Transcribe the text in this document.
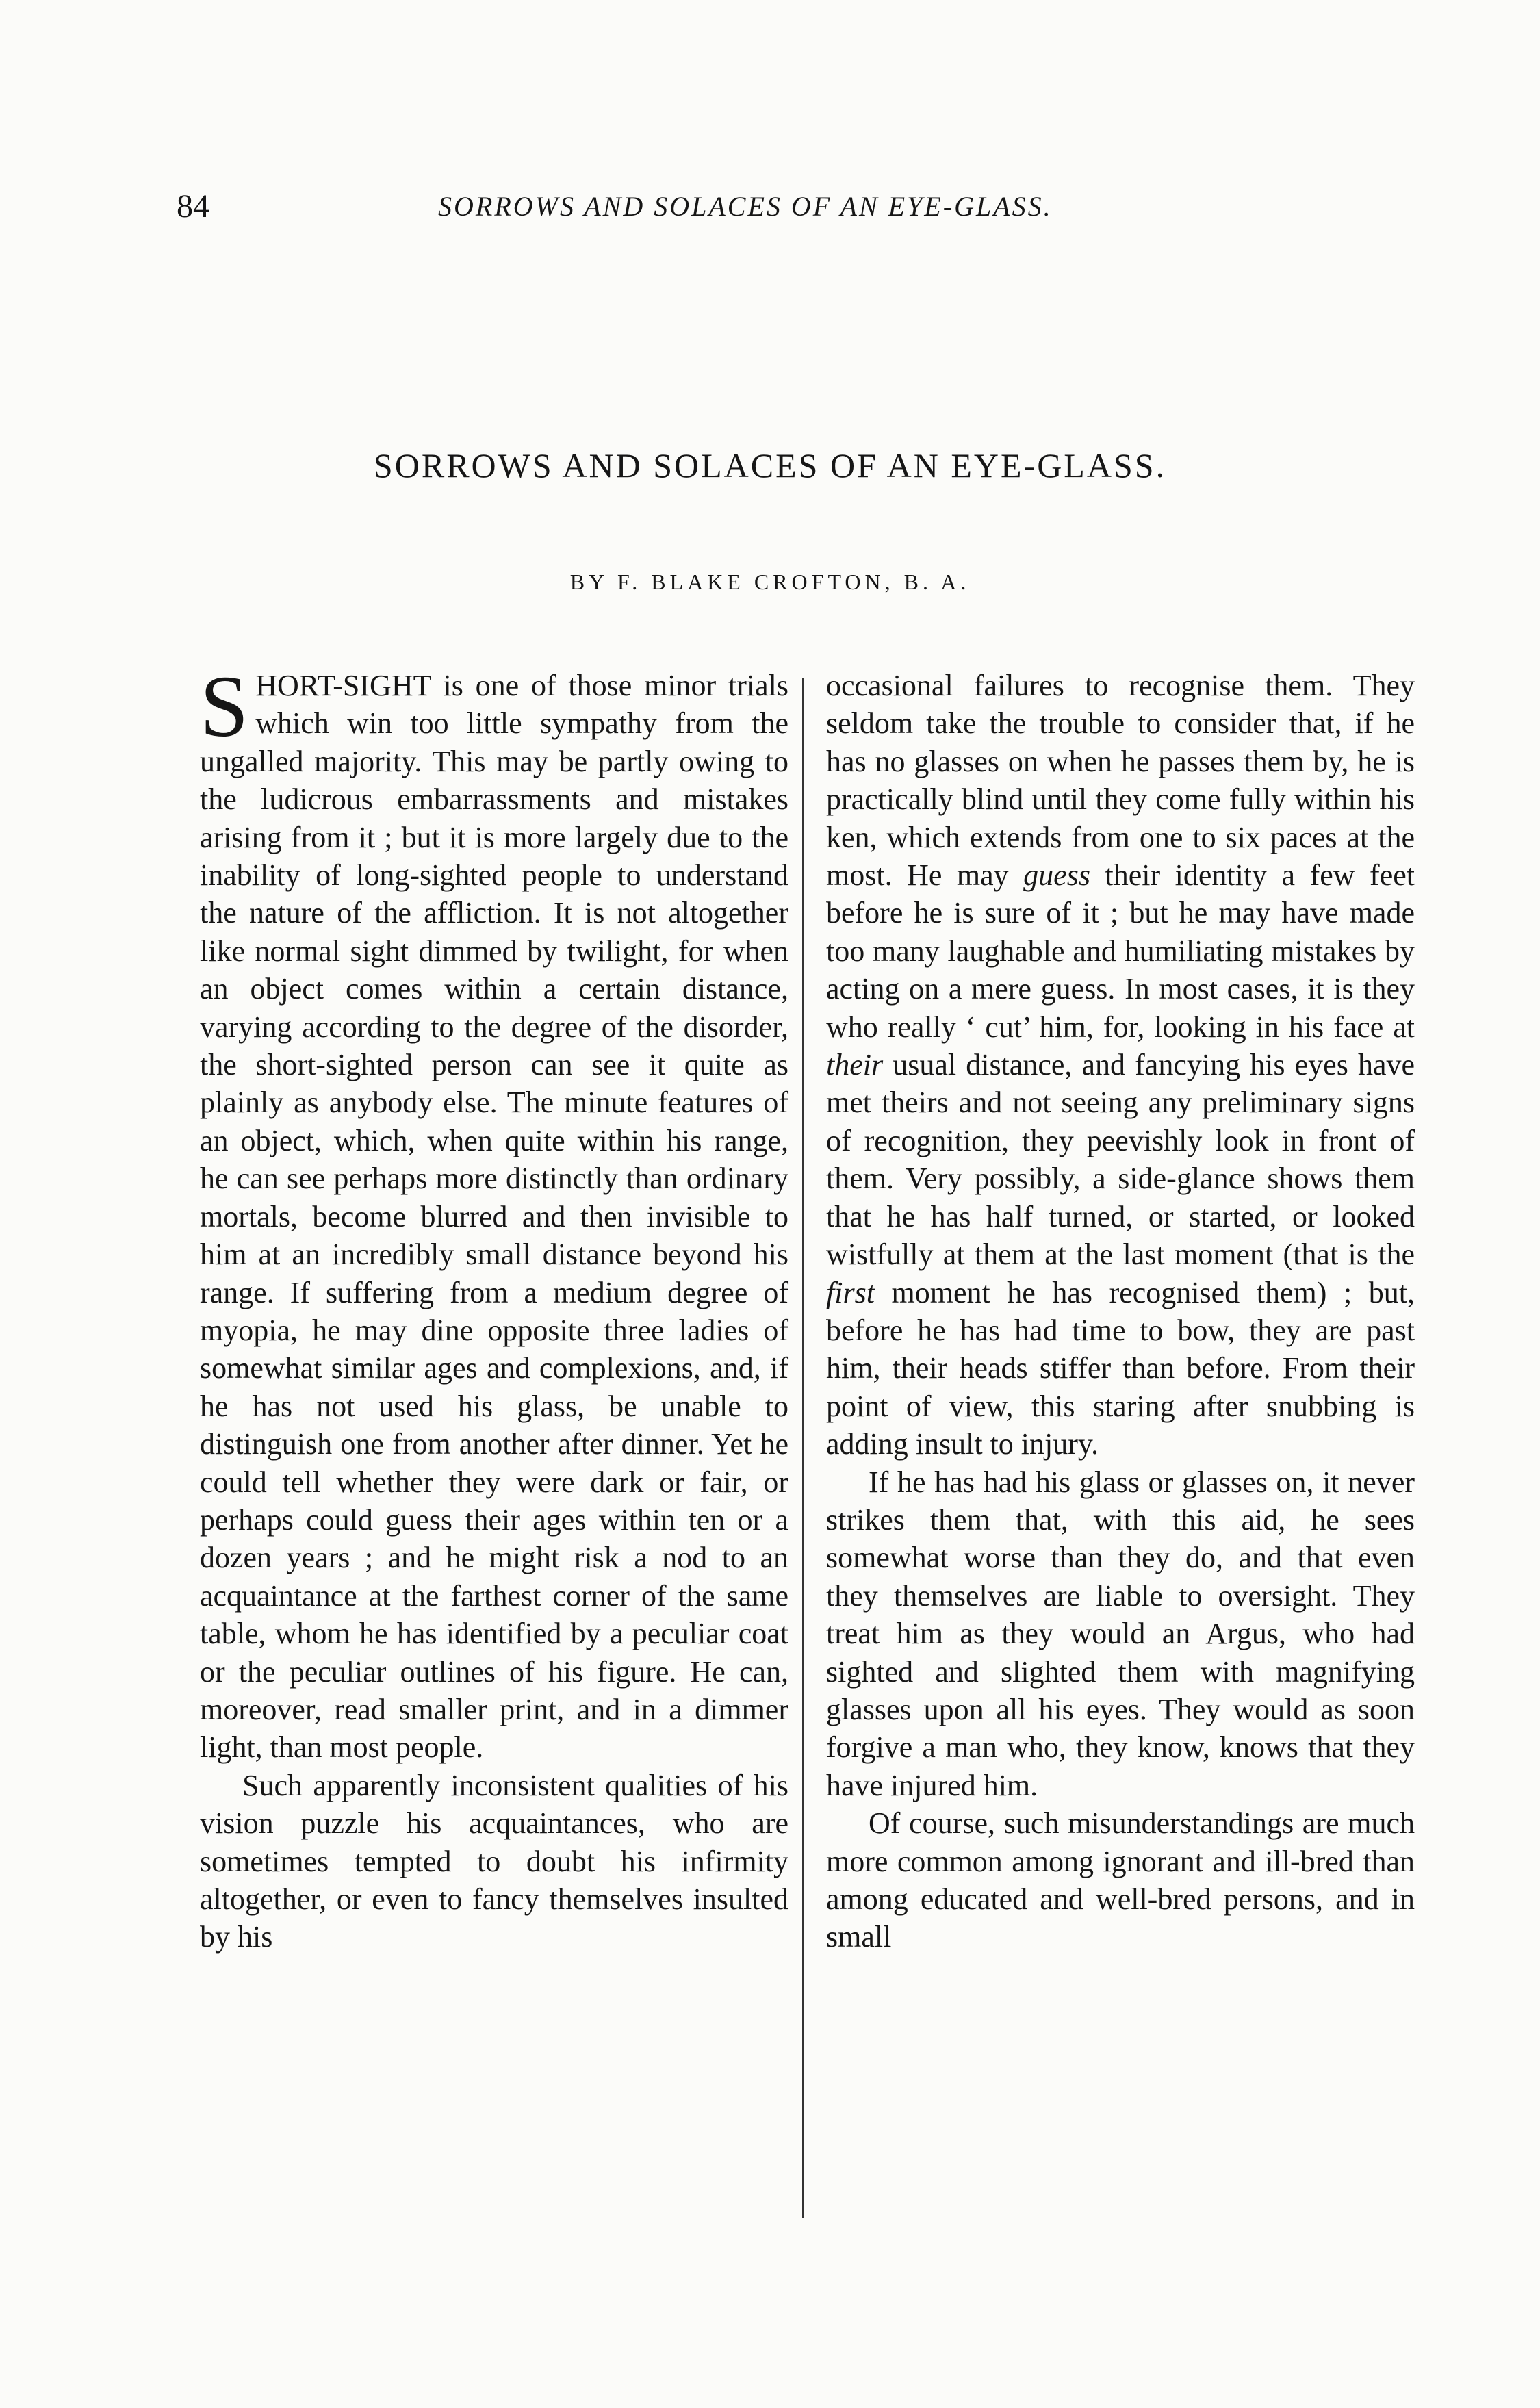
84	SORROWS AND SOLACES OF AN EYE-GLASS.
SORROWS AND SOLACES OF AN EYE-GLASS.
BY F. BLAKE CROFTON, B. A.

SHORT-SIGHT is one of those minor trials which win too little sympathy from the ungalled majority. This may be partly owing to the ludicrous embarrassments and mistakes arising from it ; but it is more largely due to the inability of long-sighted people to understand the nature of the affliction. It is not altogether like normal sight dimmed by twilight, for when an object comes within a certain distance, varying according to the degree of the disorder, the short-sighted person can see it quite as plainly as anybody else. The minute features of an object, which, when quite within his range, he can see perhaps more distinctly than ordinary mortals, become blurred and then invisible to him at an incredibly small distance beyond his range. If suffering from a medium degree of myopia, he may dine opposite three ladies of somewhat similar ages and complexions, and, if he has not used his glass, be unable to distinguish one from another after dinner. Yet he could tell whether they were dark or fair, or perhaps could guess their ages within ten or a dozen years ; and he might risk a nod to an acquaintance at the farthest corner of the same table, whom he has identified by a peculiar coat or the peculiar outlines of his figure. He can, moreover, read smaller print, and in a dimmer light, than most people.

Such apparently inconsistent qualities of his vision puzzle his acquaintances, who are sometimes tempted to doubt his infirmity altogether, or even to fancy themselves insulted by his

occasional failures to recognise them. They seldom take the trouble to consider that, if he has no glasses on when he passes them by, he is practically blind until they come fully within his ken, which extends from one to six paces at the most. He may guess their identity a few feet before he is sure of it ; but he may have made too many laughable and humiliating mistakes by acting on a mere guess. In most cases, it is they who really ‘ cut’ him, for, looking in his face at their usual distance, and fancying his eyes have met theirs and not seeing any preliminary signs of recognition, they peevishly look in front of them. Very possibly, a side-glance shows them that he has half turned, or started, or looked wistfully at them at the last moment (that is the first moment he has recognised them) ; but, before he has had time to bow, they are past him, their heads stiffer than before. From their point of view, this staring after snubbing is adding insult to injury.

If he has had his glass or glasses on, it never strikes them that, with this aid, he sees somewhat worse than they do, and that even they themselves are liable to oversight. They treat him as they would an Argus, who had sighted and slighted them with magnifying glasses upon all his eyes. They would as soon forgive a man who, they know, knows that they have injured him.

Of course, such misunderstandings are much more common among ignorant and ill-bred than among educated and well-bred persons, and in small
